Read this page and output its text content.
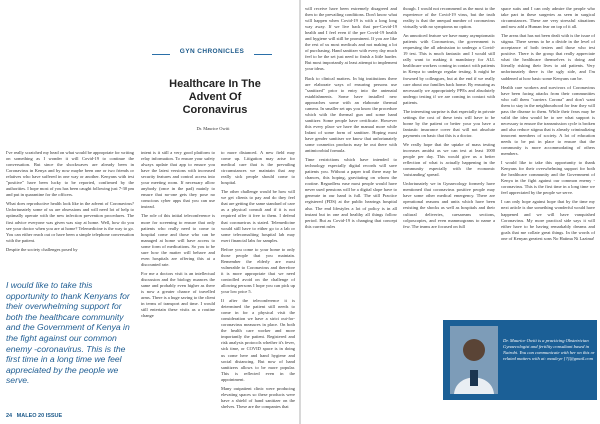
GYN CHRONICLES
Healthcare In The Advent Of Coronavirus
Dr. Maurice Owiti

I've really scratched my head on what would be appropriate for writing on something as I wonder it will Covid-19 to continue the conversation. But since the shockwaves are already been in Coronavirus in Kenya and by now maybe been one or two friends or relatives who have suffered in one way or another. Kenyans with test "positive" have been lucky to be reported, confirmed by the authorities. I hope most of you has been caught following just 7-30 pm and put in quarantine for the officers.

What does reproductive health look like in the advent of Coronavirus? Unfortunately some of us are obsessions and will need lot of help to optimally operate with the new infection prevention procedures. The first advice everyone was given was stay at home. Well, how do you see your doctor when you are at home? Telemedicine is the way to go. You can either reach out or have been a simple telephone conversation with the patient.

Despite the society challenges posed by

I would like to take this opportunity to thank Kenyans for their overwhelming support for both the healthcare community and the Government of Kenya in the fight against our common enemy -coronavirus. This is the first time in a long time we feel appreciated by the people we serve.

intent is it still a very good platform to relay information. To ensure your safety always update that app to ensure you have the latest versions with increased security features and control access into your meeting room. If necessary allow anybody (once in the pad) mainly to ensure that no-one gets they pose no conscious cyber apps that you can use instead.

The role of this initial teleconference is more for screening to ensure that only patients who really need to come to hospital come and those who can be managed at home will have access to some form of medications. So you to be sure how the matter will behave and even hospitals are offering this at a discounted rate.

For me a doctors visit is an intellectual discussion and the biology nuances the same and probably even higher as there is now a greater chance of travelled arms. There is a huge saving to the client in terms of transport and time. I would still entertain these visits as a routine change

to more distanced. A new field may come up. Litigation may arise for medical care that is the prevailing circumstances we maintain that any really sick people should come to hospital.

The other challenge would be how will we get clients to pay and do they feel that are getting the same standard of care as a physical consult and if it is not required offer it free to them. I defend that coronavirus is stated. Telemedicine would still have to either go to a lab or some teleconsulting hospital lab may exert financial labs for samples.

Before you come to your home to only those people that you maintain. Remember the elderly are most vulnerable to Coronavirus and therefore it is more appropriate that we need controlled avoid on the challenge of allowing persons I hope you can pick up your low price 5.

If after the teleconference it is determined the patient still needs to come in for a physical visit the consideration we have a strict out-for-coronavirus measures in place. On both the health care worker and more importantly the patient. Registered and risk analysis protocols whether it's fever, sick time, or COVID space is in doing us come here and hand hygiene and social distancing. But now of hand sanitizers allows to be more popular. This is reflected even in the appointment.

Many outpatient clinic were producing elevating spaces so these products were have a shield of hand sanitizer on the shelves. These are the companies that

will receive have been extremely disagreed and then to the prevailing conditions. Don't know what will happen when Covid-19 is with a long long way away. If we live back that pre-Covid-19 health and I feel even if the pre Covid-19 health and hygiene will still be prominent. If you are like the rest of us most medicals and not making a lot of purchasing. Hand sanitizer with every day much feel to be the set just need to finish a little harder. But most importantly at least attempt to implement your ideas.

Back to clinical matters. In big institutions there are elaborate ways of ensuring persons use "sanitized" prior to entry into the antenatal establishments. Some have installed new approaches some with an elaborate thermal camera. In smaller set ups you know the procedure which with the thermal gun and some hand sanitizer. Some people have certificate. However this every place we have the manual more while Infant of some form of sanitiser. Hoping most have gender sanitiser we know that unfortunately some cosmetics products may be out there with antimicrobial formula.

Time restrictions which have intended to technology especially digital records will save patients you. Without a paper trail there may be chances, this hoping, gravitating on whom the rootine. Regardless ease most people would have never used pensions will be a digital slope have to generate in our hand is full. The still Practice registered (FDS) at the public hearings hospital also. The end lifestyles a lot of policy is in all instant but in one and healthy all things follow period. But as Covid-19 is changing that concept this current rules

though. I would not recommend as the most to the experience of the Covid-19 virus, but the truth reality is that the unequal number of coronavirus virtually with no symptoms no option.

An unnoticed feature we have many asymptomatic patients with Coronavirus, the government is requesting the all admission to undergo a Covid-19 test. This is much fantastic and I would still rally want to making it mandatory for ALL healthcare workers coming in contact with patients in Kenya to undergo regular testing. It might be frowned by colleagues, but at the end if we really care about our families back home. By ensuring as necessarily we appropriately PPEs and absolutely undergo testing if we are coming in contact with patients.

The interesting surprise is that especially in private settings the cost of these tests will have to be borne by the patient or better your you have a fantastic insurance cover that will not absolute payments on basic that this is a doctor.

We really hope that the uptake of mass testing increases amidst as we can test at least 1000 people per day. This would give us a better reflection of what is actually happening in the community especially with the economic 'outstanding' spread.

Unfortunately we in Gynaecology formerly have mentioned that coronavirus positive people may have some other medical emergency. There are operational reasons and units which have been resisting the shocks as well as hospitals and their cultural deliveries, caesareans sections, colposcopies, and even mammograms to name a few. The teams are focused on full

space suits and I can only admire the people who take part in these surgeries as seen in surgical circumstances. These are very stressful situations and now add a Human fear on top of it all.

The areas that has not been dealt with is the issue of stigma. There seems to be a divide in the level of acceptance of both testers and those who test positive. There is the group that really appreciate what the healthcare themselves is doing and literally risking their lives to aid patients. Very unfortunately there is the ugly side, and I'm saddened at how basic some Kenyans can be.

Health care workers and survivors of Coronavirus have been facing attacks from their communities who call them "carriers Corona" and don't want them to stay in the neighbourhood for fear they will pass the disease to them. While their fears may be valid the idea would be to see what support is necessary to ensure the transmission cycle is broken and also reduce stigma that is already criminalizing innocent members of society. A lot of education needs to be put in place to ensure that the community is more accommodating of others members.

I would like to take this opportunity to thank Kenyans for their overwhelming support for both the healthcare community and the Government of Kenya in the fight against our common enemy -coronavirus. This is the first time in a long time we feel appreciated by the people we serve.

I can only hope against hope that by the time my next article is due something wonderful would have happened and we will have vanquished Coronavirus. My more practical side says it will either have to be having remarkably dreams and goals that me collate great things. In the words of one of Kenyan greatest sons No Hatima Ni Lazima!

Dr. Maurice Owiti is a practicing Obstetrician Gynaecologist and fertility consultant based in Nairobi. You can communicate with her on this or related matters with at: mauleye [?]@gmail.com
24 MALEO 20 ISSUE
